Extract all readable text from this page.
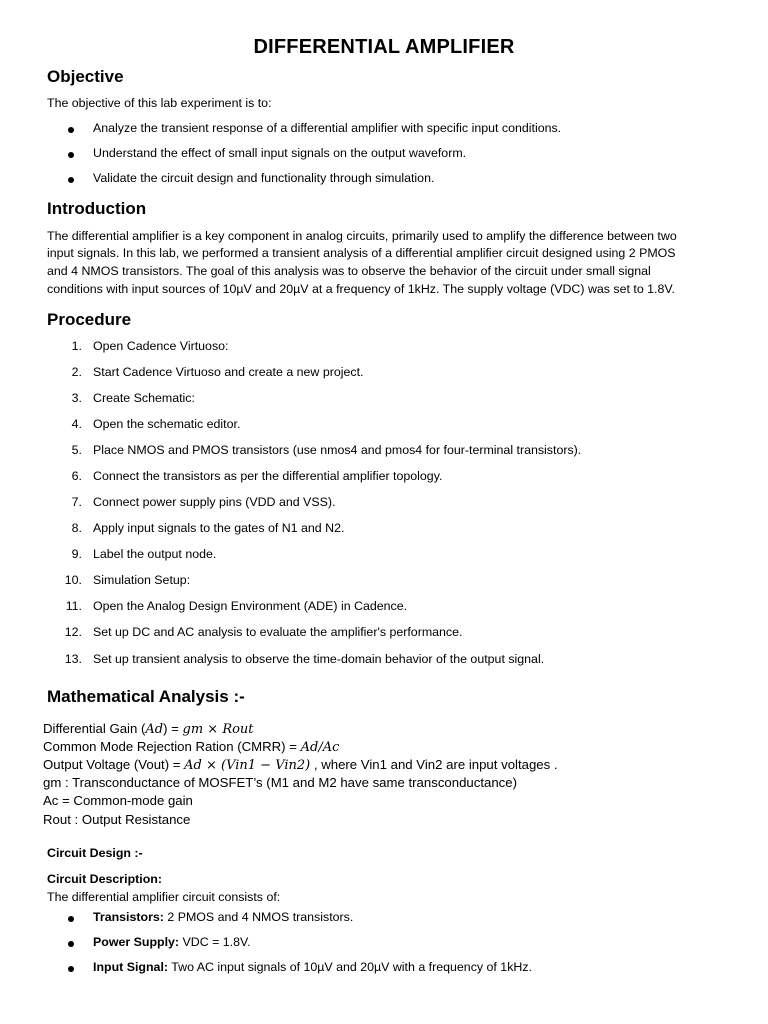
DIFFERENTIAL AMPLIFIER
Objective
The objective of this lab experiment is to:
Analyze the transient response of a differential amplifier with specific input conditions.
Understand the effect of small input signals on the output waveform.
Validate the circuit design and functionality through simulation.
Introduction
The differential amplifier is a key component in analog circuits, primarily used to amplify the difference between two
input signals. In this lab, we performed a transient analysis of a differential amplifier circuit designed using 2 PMOS
and 4 NMOS transistors. The goal of this analysis was to observe the behavior of the circuit under small signal
conditions with input sources of 10µV and 20µV at a frequency of 1kHz. The supply voltage (VDC) was set to 1.8V.
Procedure
1. Open Cadence Virtuoso:
2. Start Cadence Virtuoso and create a new project.
3. Create Schematic:
4. Open the schematic editor.
5. Place NMOS and PMOS transistors (use nmos4 and pmos4 for four-terminal transistors).
6. Connect the transistors as per the differential amplifier topology.
7. Connect power supply pins (VDD and VSS).
8. Apply input signals to the gates of N1 and N2.
9. Label the output node.
10. Simulation Setup:
11. Open the Analog Design Environment (ADE) in Cadence.
12. Set up DC and AC analysis to evaluate the amplifier's performance.
13. Set up transient analysis to observe the time-domain behavior of the output signal.
Mathematical Analysis :-
Differential Gain (Ad) = gm × Rout
Common Mode Rejection Ration (CMRR) = Ad/Ac
Output Voltage (Vout) = Ad × (Vin1 − Vin2) , where Vin1 and Vin2 are input voltages .
gm : Transconductance of MOSFET’s (M1 and M2 have same transconductance)
Ac = Common-mode gain
Rout : Output Resistance
Circuit Design :-
Circuit Description:
The differential amplifier circuit consists of:
Transistors: 2 PMOS and 4 NMOS transistors.
Power Supply: VDC = 1.8V.
Input Signal: Two AC input signals of 10µV and 20µV with a frequency of 1kHz.
